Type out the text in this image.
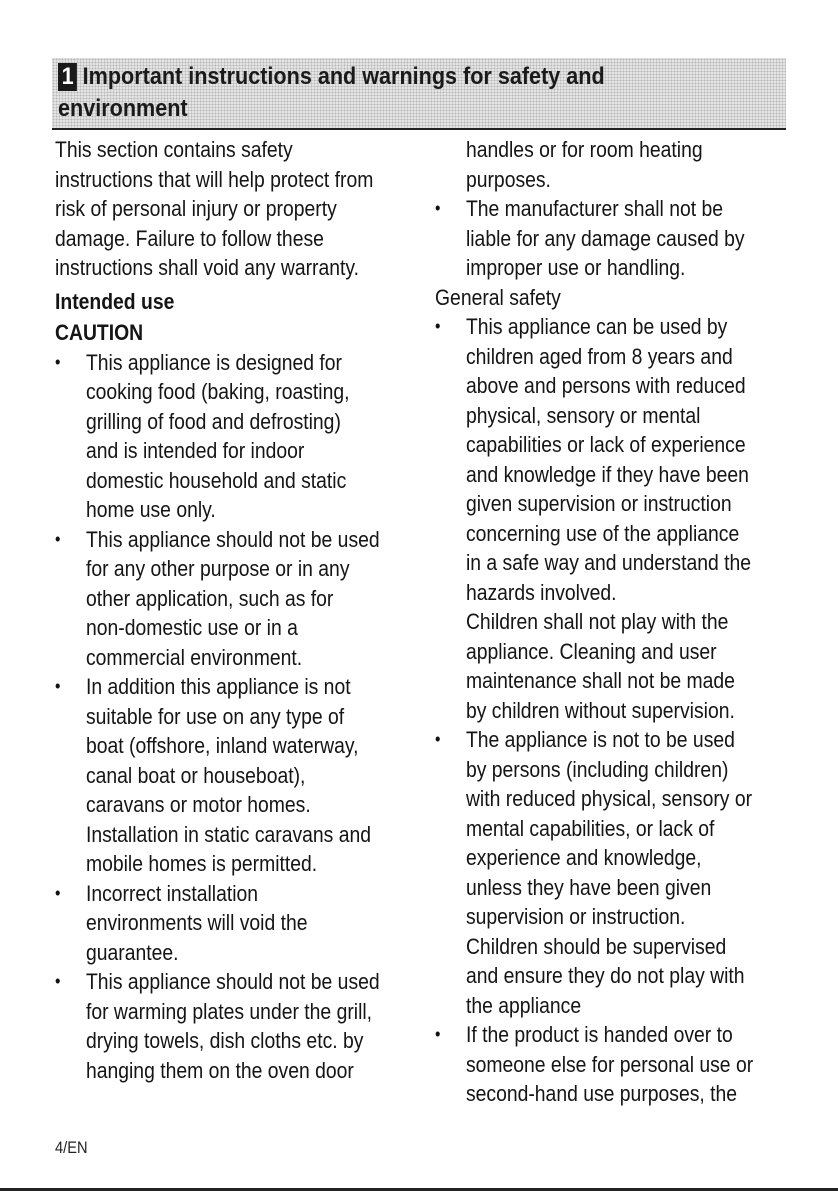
1 Important instructions and warnings for safety and
environment
This section contains safety
instructions that will help protect from
risk of personal injury or property
damage. Failure to follow these
instructions shall void any warranty.
Intended use
CAUTION
•	This appliance is designed for
cooking food (baking, roasting,
grilling of food and defrosting)
and is intended for indoor
domestic household and static
home use only.
•	This appliance should not be used
for any other purpose or in any
other application, such as for
non-domestic use or in a
commercial environment.
•	In addition this appliance is not
suitable for use on any type of
boat (offshore, inland waterway,
canal boat or houseboat),
caravans or motor homes.
Installation in static caravans and
mobile homes is permitted.
•	Incorrect installation
environments will void the
guarantee.
•	This appliance should not be used
for warming plates under the grill,
drying towels, dish cloths etc. by
hanging them on the oven door
handles or for room heating
purposes.
•	The manufacturer shall not be
liable for any damage caused by
improper use or handling.
General safety
•	This appliance can be used by
children aged from 8 years and
above and persons with reduced
physical, sensory or mental
capabilities or lack of experience
and knowledge if they have been
given supervision or instruction
concerning use of the appliance
in a safe way and understand the
hazards involved.
Children shall not play with the
appliance. Cleaning and user
maintenance shall not be made
by children without supervision.
•	The appliance is not to be used
by persons (including children)
with reduced physical, sensory or
mental capabilities, or lack of
experience and knowledge,
unless they have been given
supervision or instruction.
Children should be supervised
and ensure they do not play with
the appliance
•	If the product is handed over to
someone else for personal use or
second-hand use purposes, the
4/EN
